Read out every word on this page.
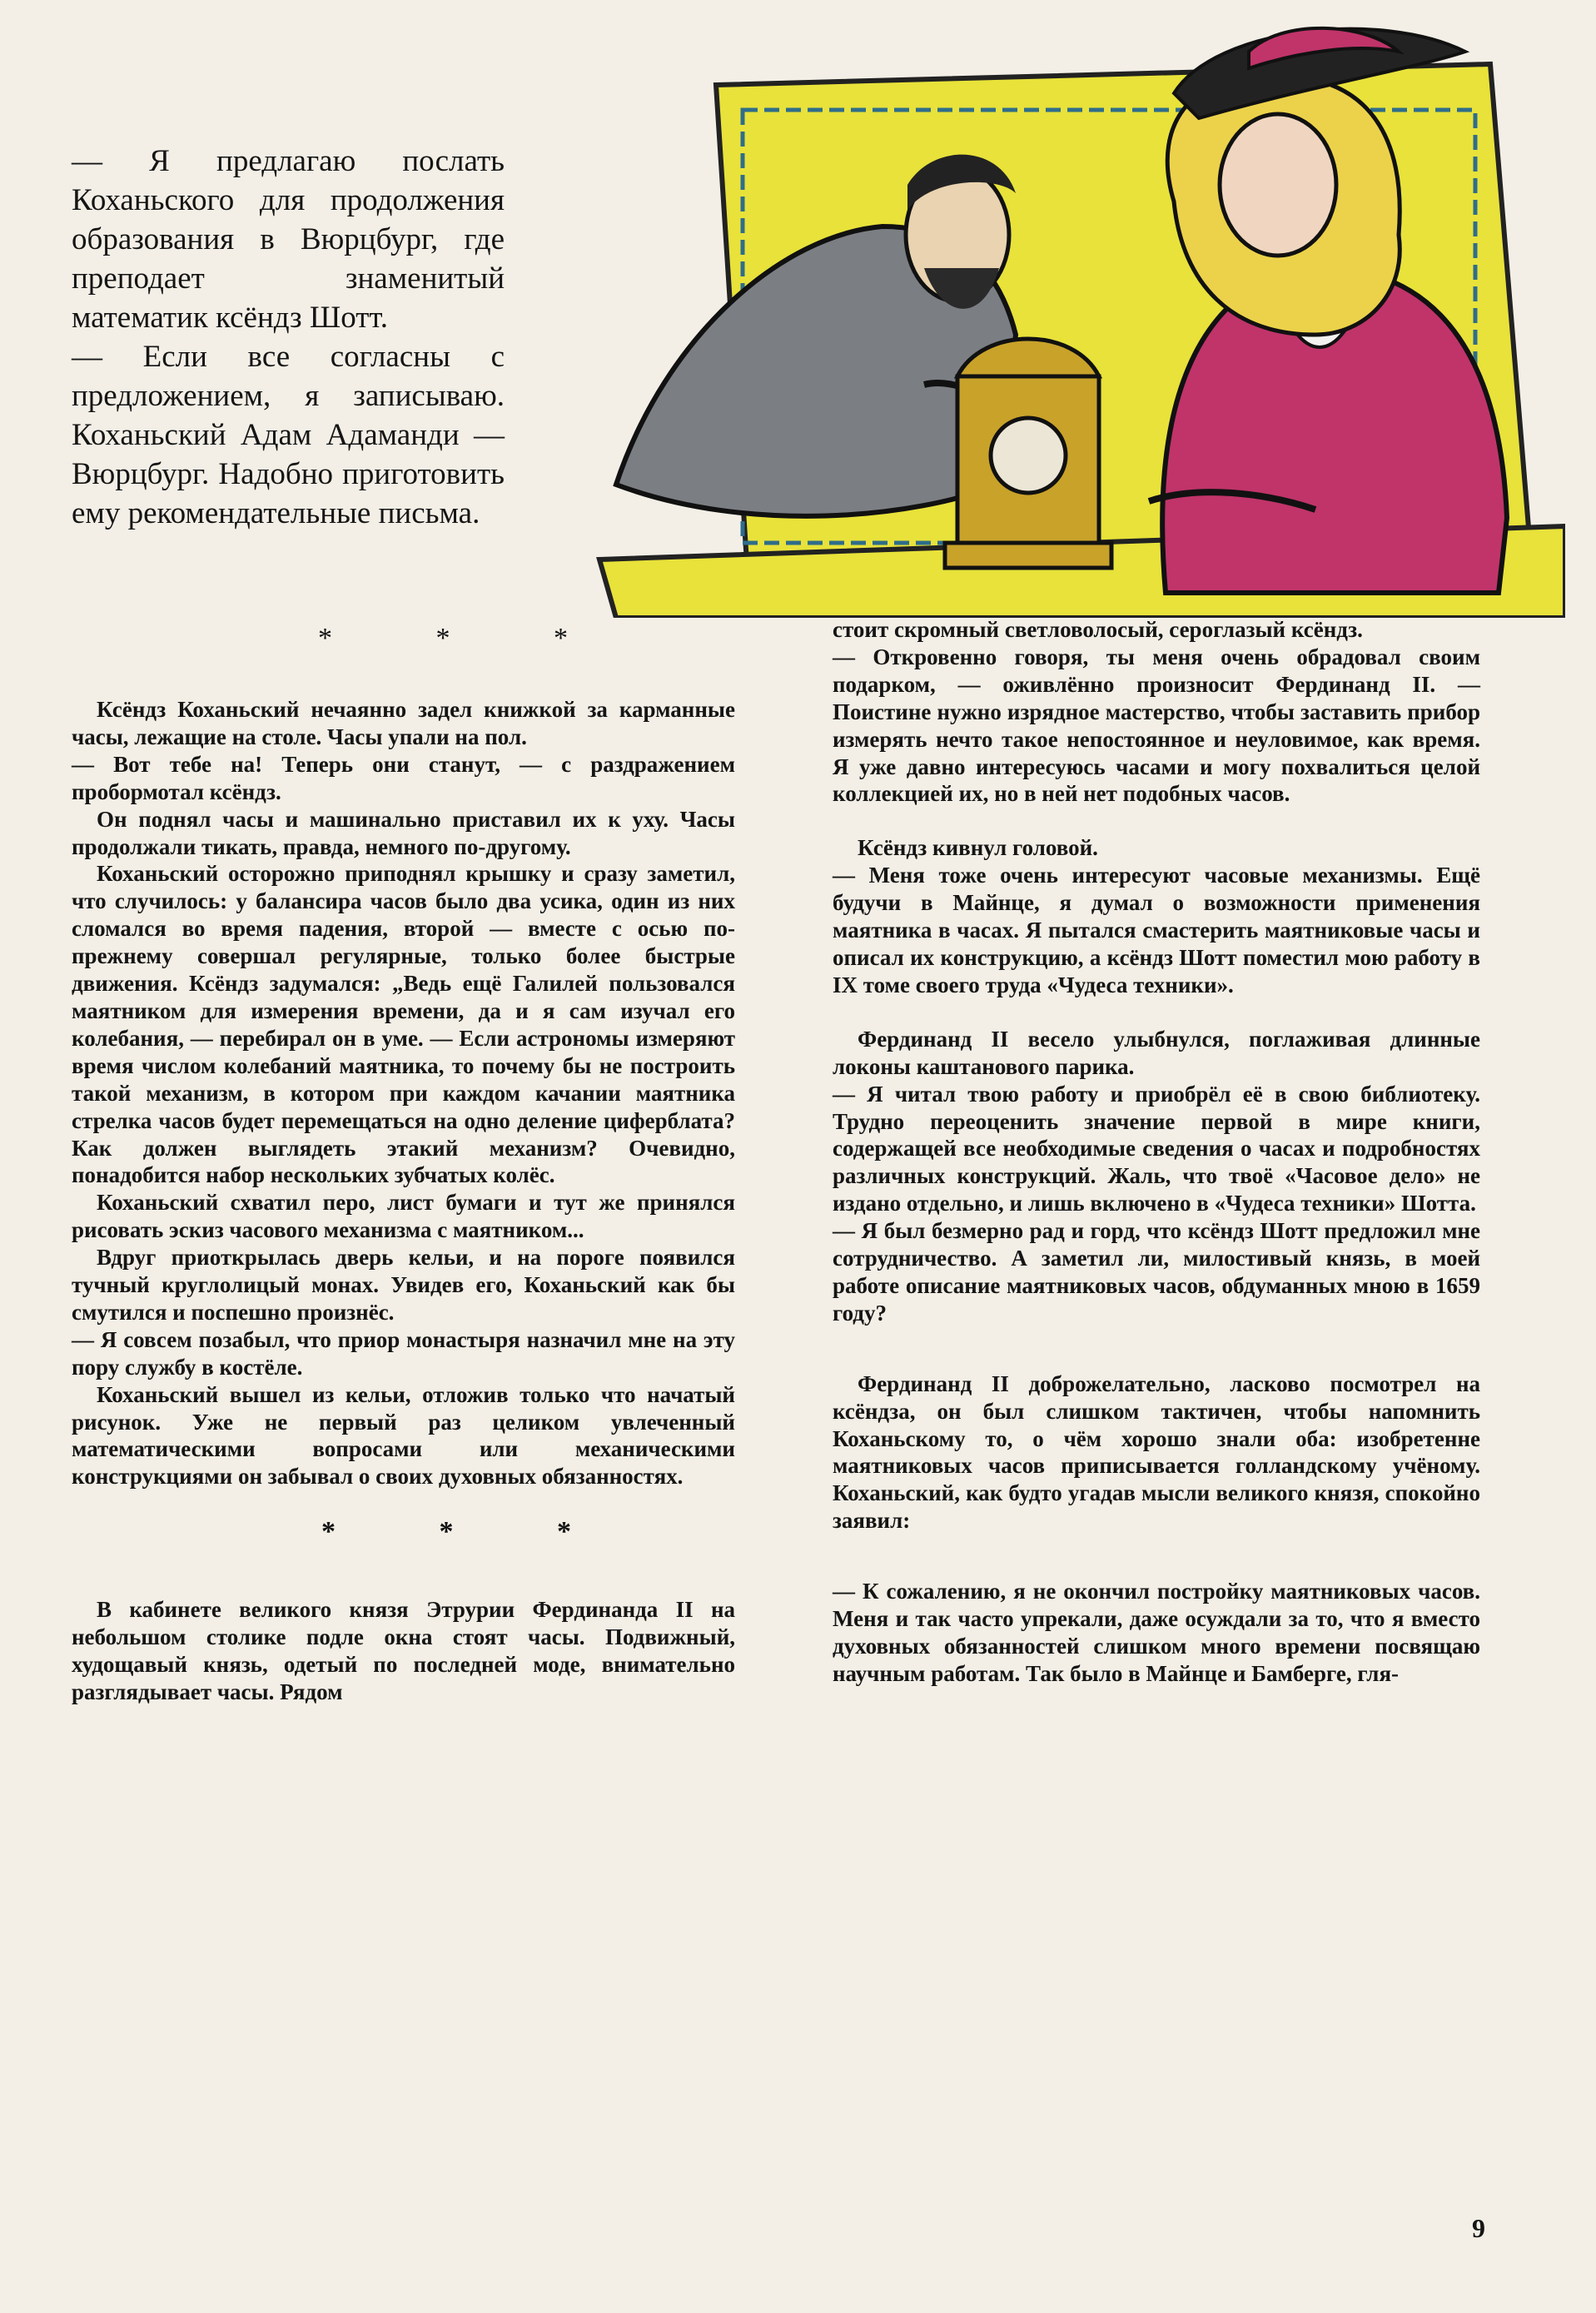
— Я предлагаю послать Коханьского для продолжения образования в Вюрцбург, где преподает знаменитый математик ксёндз Шотт.

— Если все согласны с предложением, я записываю. Коханьский Адам Адаманди — Вюрцбург. Надобно приготовить ему рекомендательные письма.

* * *

Ксёндз Коханьский нечаянно задел книжкой за карманные часы, лежащие на столе. Часы упали на пол.

— Вот тебе на! Теперь они станут, — с раздражением пробормотал ксёндз.

Он поднял часы и машинально приставил их к уху. Часы продолжали тикать, правда, немного по-другому.

Коханьский осторожно приподнял крышку и сразу заметил, что случилось: у балансира часов было два усика, один из них сломался во время падения, второй — вместе с осью по-прежнему совершал регулярные, только более быстрые движения. Ксёндз задумался: „Ведь ещё Галилей пользовался маятником для измерения времени, да и я сам изучал его колебания, — перебирал он в уме. — Если астрономы измеряют время числом колебаний маятника, то почему бы не построить такой механизм, в котором при каждом качании маятника стрелка часов будет перемещаться на одно деление циферблата? Как должен выглядеть этакий механизм? Очевидно, понадобится набор нескольких зубчатых колёс.

Коханьский схватил перо, лист бумаги и тут же принялся рисовать эскиз часового механизма с маятником...

Вдруг приоткрылась дверь кельи, и на пороге появился тучный круглолицый монах. Увидев его, Коханьский как бы смутился и поспешно произнёс.

— Я совсем позабыл, что приор монастыря назначил мне на эту пору службу в костёле.

Коханьский вышел из кельи, отложив только что начатый рисунок. Уже не первый раз целиком увлеченный математическими вопросами или механическими конструкциями он забывал о своих духовных обязанностях.

* * *

В кабинете великого князя Этрурии Фердинанда II на небольшом столике подле окна стоят часы. Подвижный, худощавый князь, одетый по последней моде, внимательно разглядывает часы. Рядом

стоит скромный светловолосый, сероглазый ксёндз.

— Откровенно говоря, ты меня очень обрадовал своим подарком, — оживлённо произносит Фердинанд II. — Поистине нужно изрядное мастерство, чтобы заставить прибор измерять нечто такое непостоянное и неуловимое, как время. Я уже давно интересуюсь часами и могу похвалиться целой коллекцией их, но в ней нет подобных часов.

Ксёндз кивнул головой.

— Меня тоже очень интересуют часовые механизмы. Ещё будучи в Майнце, я думал о возможности применения маятника в часах. Я пытался смастерить маятниковые часы и описал их конструкцию, а ксёндз Шотт поместил мою работу в IX томе своего труда «Чудеса техники».

Фердинанд II весело улыбнулся, поглаживая длинные локоны каштанового парика.

— Я читал твою работу и приобрёл её в свою библиотеку. Трудно переоценить значение первой в мире книги, содержащей все необходимые сведения о часах и подробностях различных конструкций. Жаль, что твоё «Часовое дело» не издано отдельно, и лишь включено в «Чудеса техники» Шотта.

— Я был безмерно рад и горд, что ксёндз Шотт предложил мне сотрудничество. А заметил ли, милостивый князь, в моей работе описание маятниковых часов, обдуманных мною в 1659 году?

Фердинанд II доброжелательно, ласково посмотрел на ксёндза, он был слишком тактичен, чтобы напомнить Коханьскому то, о чём хорошо знали оба: изобретенне маятниковых часов приписывается голландскому учёному. Коханьский, как будто угадав мысли великого князя, спокойно заявил:

— К сожалению, я не окончил постройку маятниковых часов. Меня и так часто упрекали, даже осуждали за то, что я вместо духовных обязанностей слишком много времени посвящаю научным работам. Так было в Майнце и Бамберге, гля-

9
